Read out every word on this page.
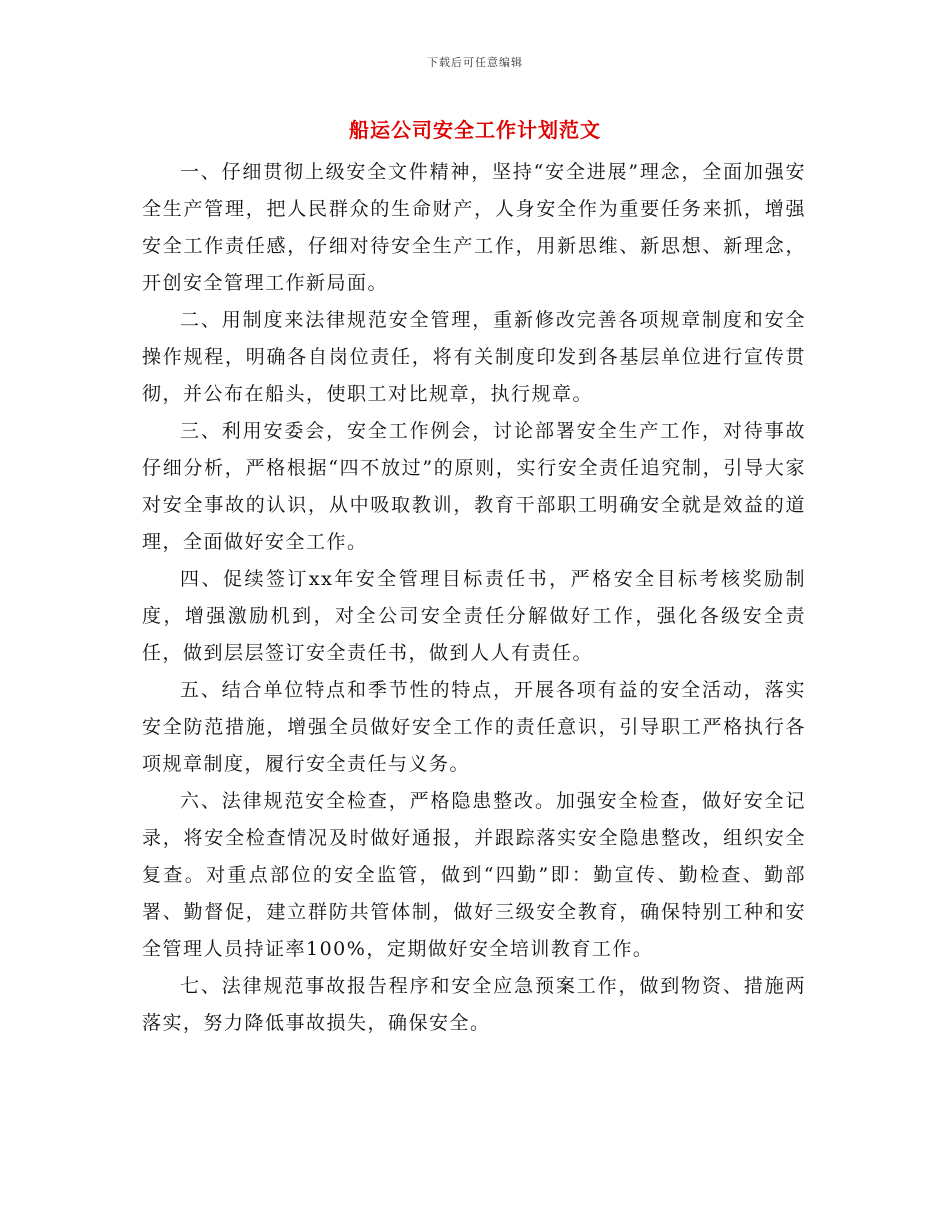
下载后可任意编辑
船运公司安全工作计划范文

一、仔细贯彻上级安全文件精神，坚持“安全进展”理念，全面加强安全生产管理，把人民群众的生命财产，人身安全作为重要任务来抓，增强安全工作责任感，仔细对待安全生产工作，用新思维、新思想、新理念，开创安全管理工作新局面。

二、用制度来法律规范安全管理，重新修改完善各项规章制度和安全操作规程，明确各自岗位责任，将有关制度印发到各基层单位进行宣传贯彻，并公布在船头，使职工对比规章，执行规章。

三、利用安委会，安全工作例会，讨论部署安全生产工作，对待事故仔细分析，严格根据“四不放过”的原则，实行安全责任追究制，引导大家对安全事故的认识，从中吸取教训，教育干部职工明确安全就是效益的道理，全面做好安全工作。

四、促续签订xx年安全管理目标责任书，严格安全目标考核奖励制度，增强激励机到，对全公司安全责任分解做好工作，强化各级安全责任，做到层层签订安全责任书，做到人人有责任。

五、结合单位特点和季节性的特点，开展各项有益的安全活动，落实安全防范措施，增强全员做好安全工作的责任意识，引导职工严格执行各项规章制度，履行安全责任与义务。

六、法律规范安全检查，严格隐患整改。加强安全检查，做好安全记录，将安全检查情况及时做好通报，并跟踪落实安全隐患整改，组织安全复查。对重点部位的安全监管，做到“四勤”即：勤宣传、勤检查、勤部署、勤督促，建立群防共管体制，做好三级安全教育，确保特别工种和安全管理人员持证率100%，定期做好安全培训教育工作。

七、法律规范事故报告程序和安全应急预案工作，做到物资、措施两落实，努力降低事故损失，确保安全。
